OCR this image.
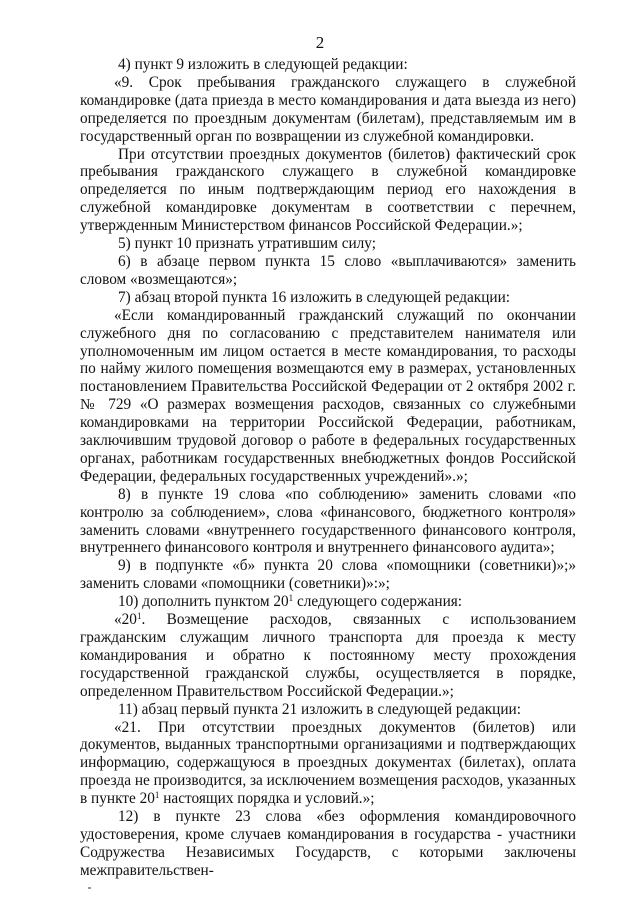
2

4) пункт 9 изложить в следующей редакции:

«9. Срок пребывания гражданского служащего в служебной командировке (дата приезда в место командирования и дата выезда из него) определяется по проездным документам (билетам), представляемым им в государственный орган по возвращении из служебной командировки.

При отсутствии проездных документов (билетов) фактический срок пребывания гражданского служащего в служебной командировке определяется по иным подтверждающим период его нахождения в служебной командировке документам в соответствии с перечнем, утвержденным Министерством финансов Российской Федерации.»;

5) пункт 10 признать утратившим силу;

6) в абзаце первом пункта 15 слово «выплачиваются» заменить словом «возмещаются»;

7) абзац второй пункта 16 изложить в следующей редакции:

«Если командированный гражданский служащий по окончании служебного дня по согласованию с представителем нанимателя или уполномоченным им лицом остается в месте командирования, то расходы по найму жилого помещения возмещаются ему в размерах, установленных постановлением Правительства Российской Федерации от 2 октября 2002 г. № 729 «О размерах возмещения расходов, связанных со служебными командировками на территории Российской Федерации, работникам, заключившим трудовой договор о работе в федеральных государственных органах, работникам государственных внебюджетных фондов Российской Федерации, федеральных государственных учреждений».»;

8) в пункте 19 слова «по соблюдению» заменить словами «по контролю за соблюдением», слова «финансового, бюджетного контроля» заменить словами «внутреннего государственного финансового контроля, внутреннего финансового контроля и внутреннего финансового аудита»;

9) в подпункте «б» пункта 20 слова «помощники (советники)»;» заменить словами «помощники (советники)»:»;

10) дополнить пунктом $20^1$ следующего содержания:

«$20^1$. Возмещение расходов, связанных с использованием гражданским служащим личного транспорта для проезда к месту командирования и обратно к постоянному месту прохождения государственной гражданской службы, осуществляется в порядке, определенном Правительством Российской Федерации.»;

11) абзац первый пункта 21 изложить в следующей редакции:

«21. При отсутствии проездных документов (билетов) или документов, выданных транспортными организациями и подтверждающих информацию, содержащуюся в проездных документах (билетах), оплата проезда не производится, за исключением возмещения расходов, указанных в пункте $20^1$ настоящих порядка и условий.»;

12) в пункте 23 слова «без оформления командировочного удостоверения, кроме случаев командирования в государства - участники Содружества Независимых Государств, с которыми заключены межправительствен-
